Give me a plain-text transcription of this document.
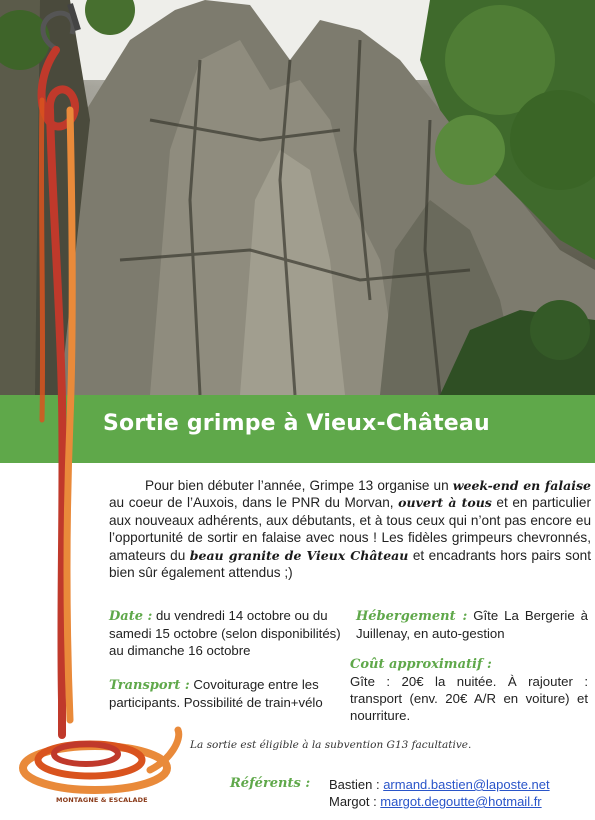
Sortie grimpe à Vieux-Château
MONTAGNE & ESCALADE

Pour bien débuter l’année, Grimpe 13 organise un week-end en falaise au coeur de l’Auxois, dans le PNR du Morvan, ouvert à tous et en particulier aux nouveaux adhérents, aux débutants, et à tous ceux qui n’ont pas encore eu l’opportunité de sortir en falaise avec nous ! Les fidèles grimpeurs chevronnés, amateurs du beau granite de Vieux Château et encadrants hors pairs sont bien sûr également attendus ;)

Date : du vendredi 14 octobre ou du samedi 15 octobre (selon disponibilités) au dimanche 16 octobre
Transport : Covoiturage entre les participants. Possibilité de train+vélo
Hébergement : Gîte La Bergerie à Juillenay, en auto-gestion
Coût approximatif :
Gîte : 20€ la nuitée. À rajouter : transport (env. 20€ A/R en voiture) et nourriture.
La sortie est éligible à la subvention G13 facultative.
Référents : Bastien : armand.bastien@laposte.net
Margot : margot.degoutte@hotmail.fr
